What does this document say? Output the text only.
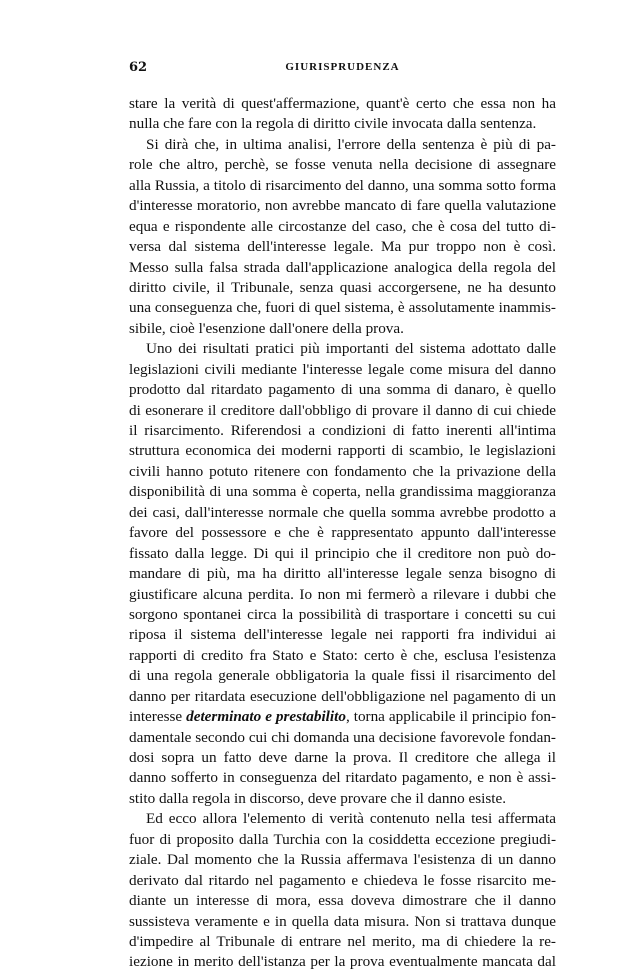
62	GIURISPRUDENZA
stare la verità di quest'affermazione, quant'è certo che essa non ha
nulla che fare con la regola di diritto civile invocata dalla sentenza.
Si dirà che, in ultima analisi, l'errore della sentenza è più di pa-
role che altro, perchè, se fosse venuta nella decisione di assegnare
alla Russia, a titolo di risarcimento del danno, una somma sotto forma
d'interesse moratorio, non avrebbe mancato di fare quella valutazione
equa e rispondente alle circostanze del caso, che è cosa del tutto di-
versa dal sistema dell'interesse legale. Ma pur troppo non è così.
Messo sulla falsa strada dall'applicazione analogica della regola del
diritto civile, il Tribunale, senza quasi accorgersene, ne ha desunto
una conseguenza che, fuori di quel sistema, è assolutamente inammis-
sibile, cioè l'esenzione dall'onere della prova.
Uno dei risultati pratici più importanti del sistema adottato dalle
legislazioni civili mediante l'interesse legale come misura del danno
prodotto dal ritardato pagamento di una somma di danaro, è quello
di esonerare il creditore dall'obbligo di provare il danno di cui chiede
il risarcimento. Riferendosi a condizioni di fatto inerenti all'intima
struttura economica dei moderni rapporti di scambio, le legislazioni
civili hanno potuto ritenere con fondamento che la privazione della
disponibilità di una somma è coperta, nella grandissima maggioranza
dei casi, dall'interesse normale che quella somma avrebbe prodotto a
favore del possessore e che è rappresentato appunto dall'interesse
fissato dalla legge. Di qui il principio che il creditore non può do-
mandare di più, ma ha diritto all'interesse legale senza bisogno di
giustificare alcuna perdita. Io non mi fermerò a rilevare i dubbi che
sorgono spontanei circa la possibilità di trasportare i concetti su cui
riposa il sistema dell'interesse legale nei rapporti fra individui ai
rapporti di credito fra Stato e Stato: certo è che, esclusa l'esistenza
di una regola generale obbligatoria la quale fissi il risarcimento del
danno per ritardata esecuzione dell'obbligazione nel pagamento di un
interesse determinato e prestabilito, torna applicabile il principio fon-
damentale secondo cui chi domanda una decisione favorevole fondan-
dosi sopra un fatto deve darne la prova. Il creditore che allega il
danno sofferto in conseguenza del ritardato pagamento, e non è assi-
stito dalla regola in discorso, deve provare che il danno esiste.
Ed ecco allora l'elemento di verità contenuto nella tesi affermata
fuor di proposito dalla Turchia con la cosiddetta eccezione pregiudi-
ziale. Dal momento che la Russia affermava l'esistenza di un danno
derivato dal ritardo nel pagamento e chiedeva le fosse risarcito me-
diante un interesse di mora, essa doveva dimostrare che il danno
sussisteva veramente e in quella data misura. Non si trattava dunque
d'impedire al Tribunale di entrare nel merito, ma di chiedere la re-
iezione in merito dell'istanza per la prova eventualmente mancata dal
